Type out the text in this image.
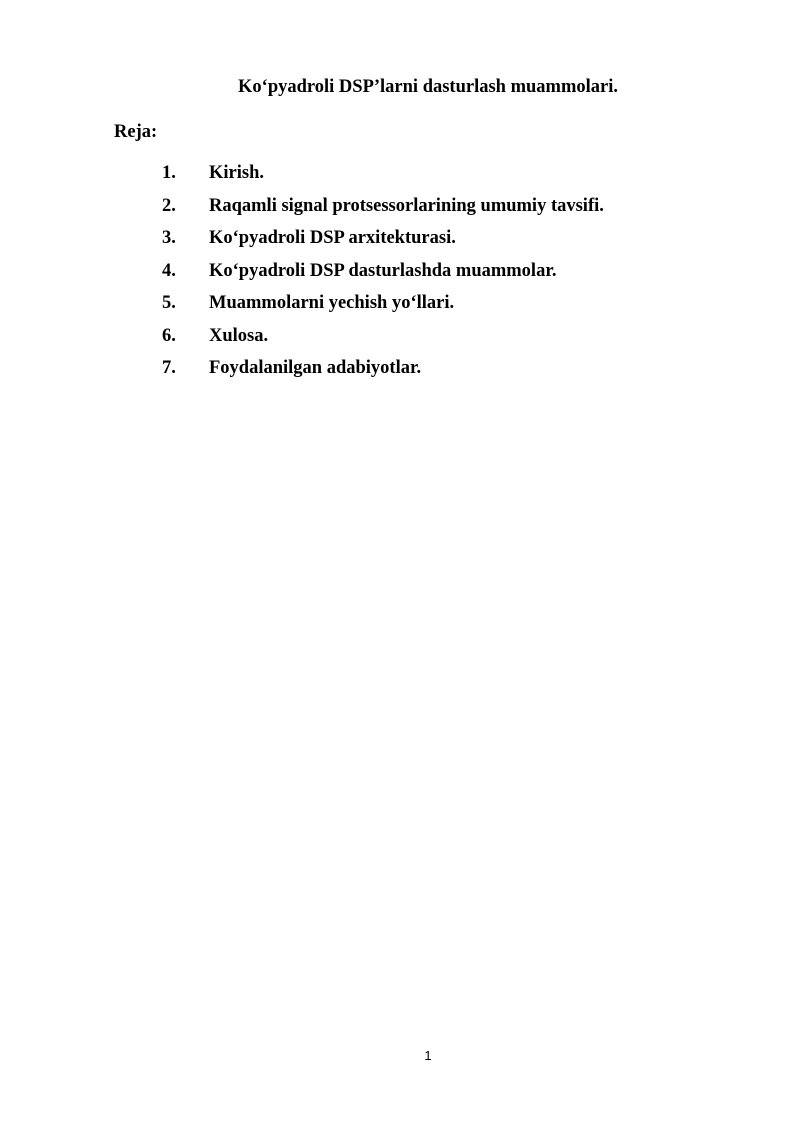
Ko‘pyadroli DSP’larni dasturlash muammolari.
Reja:
1. Kirish.
2. Raqamli signal protsessorlarining umumiy tavsifi.
3. Ko‘pyadroli DSP arxitekturasi.
4. Ko‘pyadroli DSP dasturlashda muammolar.
5. Muammolarni yechish yo‘llari.
6. Xulosa.
7. Foydalanilgan adabiyotlar.
1
